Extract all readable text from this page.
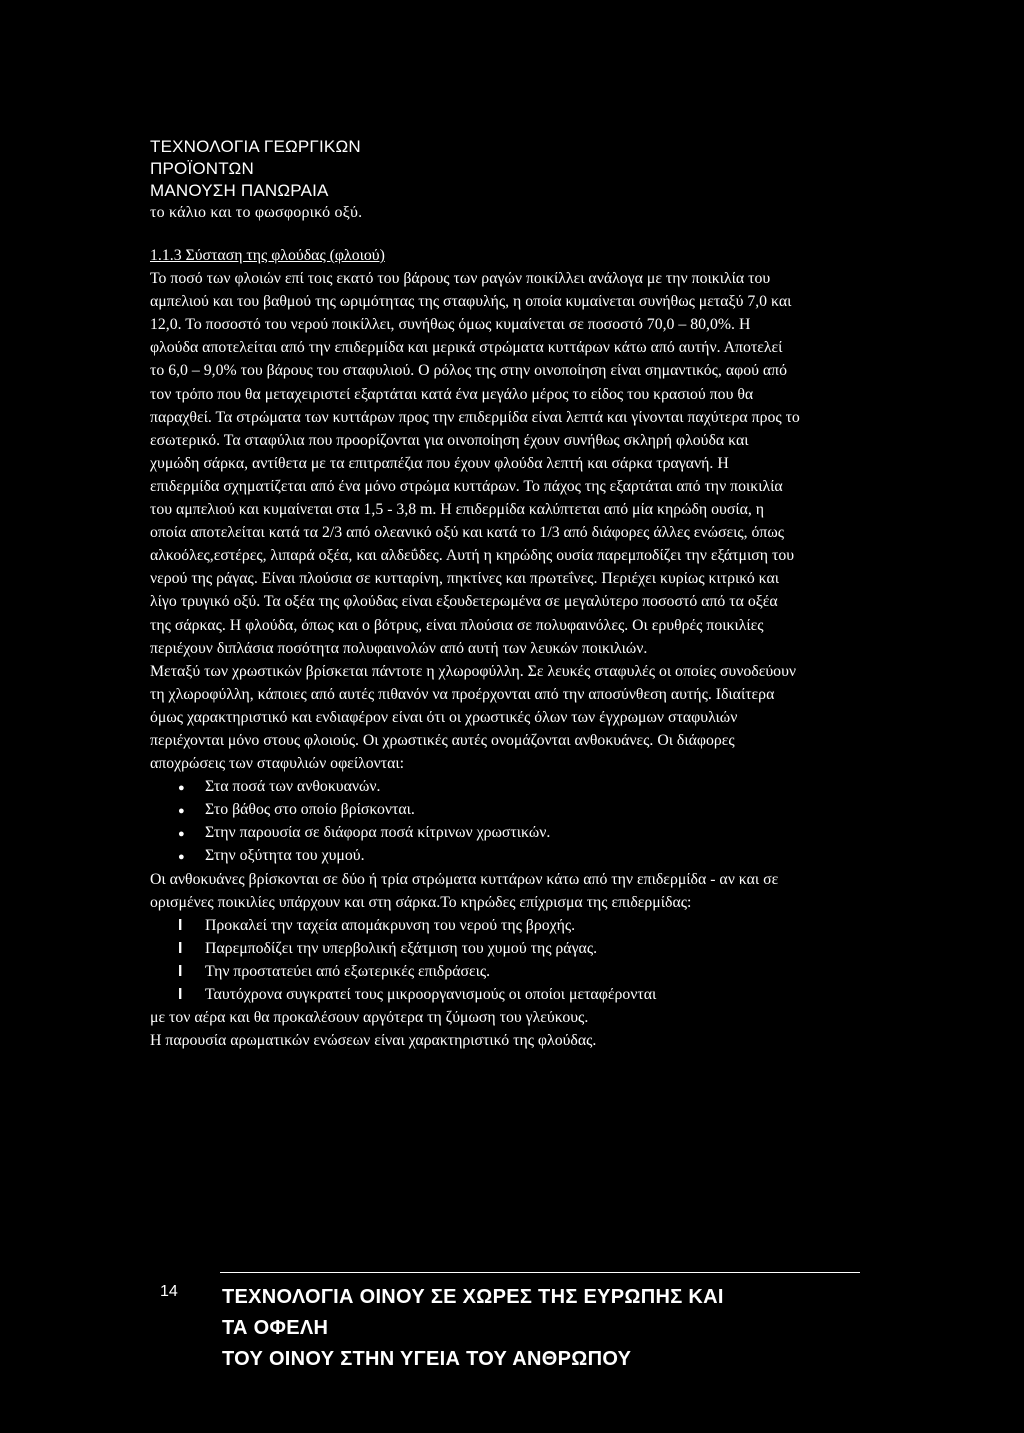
ΤΕΧΝΟΛΟΓΙΑ ΓΕΩΡΓΙΚΩΝ
ΠΡΟΪΟΝΤΩΝ
ΜΑΝΟΥΣΗ ΠΑΝΩΡΑΙΑ
το κάλιο και το φωσφορικό οξύ.
1.1.3 Σύσταση της φλούδας (φλοιού)

Το ποσό των φλοιών επί τοις εκατό του βάρους των ραγών ποικίλλει ανάλογα με την ποικιλία του αμπελιού και του βαθμού της ωριμότητας της σταφυλής, η οποία κυμαίνεται συνήθως μεταξύ 7,0 και 12,0. Το ποσοστό του νερού ποικίλλει, συνήθως όμως κυμαίνεται σε ποσοστό 70,0 – 80,0%. Η φλούδα αποτελείται από την επιδερμίδα και μερικά στρώματα κυττάρων κάτω από αυτήν. Αποτελεί το 6,0 – 9,0% του βάρους του σταφυλιού. Ο ρόλος της στην οινοποίηση είναι σημαντικός, αφού από τον τρόπο που θα μεταχειριστεί εξαρτάται κατά ένα μεγάλο μέρος το είδος του κρασιού που θα παραχθεί. Τα στρώματα των κυττάρων προς την επιδερμίδα είναι λεπτά και γίνονται παχύτερα προς το εσωτερικό. Τα σταφύλια που προορίζονται για οινοποίηση έχουν συνήθως σκληρή φλούδα και χυμώδη σάρκα, αντίθετα με τα επιτραπέζια που έχουν φλούδα λεπτή και σάρκα τραγανή. Η επιδερμίδα σχηματίζεται από ένα μόνο στρώμα κυττάρων. Το πάχος της εξαρτάται από την ποικιλία του αμπελιού και κυμαίνεται στα 1,5 - 3,8 m. Η επιδερμίδα καλύπτεται από μία κηρώδη ουσία, η οποία αποτελείται κατά τα 2/3 από ολεανικό οξύ και κατά το 1/3 από διάφορες άλλες ενώσεις, όπως αλκοόλες,εστέρες, λιπαρά οξέα, και αλδεΰδες. Αυτή η κηρώδης ουσία παρεμποδίζει την εξάτμιση του νερού της ράγας. Είναι πλούσια σε κυτταρίνη, πηκτίνες και πρωτεΐνες. Περιέχει κυρίως κιτρικό και λίγο τρυγικό οξύ. Τα οξέα της φλούδας είναι εξουδετερωμένα σε μεγαλύτερο ποσοστό από τα οξέα της σάρκας. Η φλούδα, όπως και ο βότρυς, είναι πλούσια σε πολυφαινόλες. Οι ερυθρές ποικιλίες περιέχουν διπλάσια ποσότητα πολυφαινολών από αυτή των λευκών ποικιλιών.

Μεταξύ των χρωστικών βρίσκεται πάντοτε η χλωροφύλλη. Σε λευκές σταφυλές οι οποίες συνοδεύουν τη χλωροφύλλη, κάποιες από αυτές πιθανόν να προέρχονται από την αποσύνθεση αυτής. Ιδιαίτερα όμως χαρακτηριστικό και ενδιαφέρον είναι ότι οι χρωστικές όλων των έγχρωμων σταφυλιών περιέχονται μόνο στους φλοιούς. Οι χρωστικές αυτές ονομάζονται ανθοκυάνες. Οι διάφορες αποχρώσεις των σταφυλιών οφείλονται:

●
Στα ποσά των ανθοκυανών.
●
Στο βάθος στο οποίο βρίσκονται.
●
Στην παρουσία σε διάφορα ποσά κίτρινων χρωστικών.
●
Στην οξύτητα του χυμού.

Οι ανθοκυάνες βρίσκονται σε δύο ή τρία στρώματα κυττάρων κάτω από την επιδερμίδα - αν και σε ορισμένες ποικιλίες υπάρχουν και στη σάρκα.Το κηρώδες επίχρισμα της επιδερμίδας:

I Προκαλεί την ταχεία απομάκρυνση του νερού της βροχής.
I Παρεμποδίζει την υπερβολική εξάτμιση του χυμού της ράγας.
I Την προστατεύει από εξωτερικές επιδράσεις.
I Ταυτόχρονα συγκρατεί τους μικροοργανισμούς οι οποίοι μεταφέρονται

με τον αέρα και θα προκαλέσουν αργότερα τη ζύμωση του γλεύκους.

Η παρουσία αρωματικών ενώσεων είναι χαρακτηριστικό της φλούδας.

14 ΤΕΧΝΟΛΟΓΙΑ ΟΙΝΟΥ ΣΕ ΧΩΡΕΣ ΤΗΣ ΕΥΡΩΠΗΣ ΚΑΙ
ΤΑ ΟΦΕΛΗ
ΤΟΥ ΟΙΝΟΥ ΣΤΗΝ ΥΓΕΙΑ ΤΟΥ ΑΝΘΡΩΠΟΥ
